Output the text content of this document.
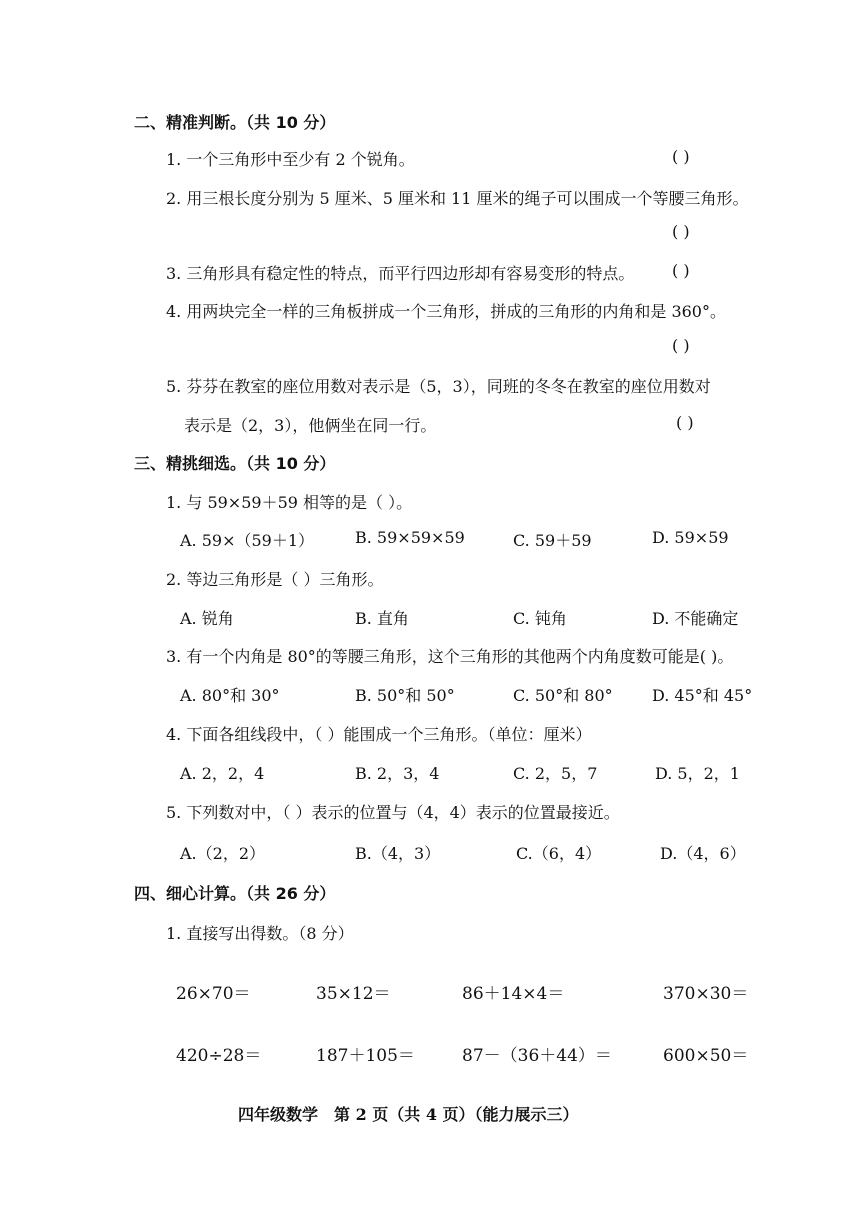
二、精准判断。（共 10 分）
1. 一个三角形中至少有 2 个锐角。	( )
2. 用三根长度分别为 5 厘米、5 厘米和 11 厘米的绳子可以围成一个等腰三角形。
( )
3. 三角形具有稳定性的特点，而平行四边形却有容易变形的特点。 ( )
4. 用两块完全一样的三角板拼成一个三角形，拼成的三角形的内角和是 360°。
( )
5. 芬芬在教室的座位用数对表示是（5，3），同班的冬冬在教室的座位用数对
表示是（2，3），他俩坐在同一行。	( )
三、精挑细选。（共 10 分）
1. 与 59×59＋59 相等的是（ ）。
A. 59×（59＋1）	B. 59×59×59	C. 59＋59	D. 59×59
2. 等边三角形是（ ）三角形。
A. 锐角	B. 直角	C. 钝角	D. 不能确定
3. 有一个内角是 80°的等腰三角形，这个三角形的其他两个内角度数可能是( )。
A. 80°和 30°	B. 50°和 50°	C. 50°和 80° D. 45°和 45°
4. 下面各组线段中，（ ）能围成一个三角形。（单位：厘米）
A. 2，2，4	B. 2，3，4	C. 2，5，7	D. 5，2，1
5. 下列数对中，（ ）表示的位置与（4，4）表示的位置最接近。
A.（2，2）	B.（4，3）	C.（6，4）	D.（4，6）
四、细心计算。（共 26 分）
1. 直接写出得数。（8 分）
26×70＝	35×12＝	86＋14×4＝	370×30＝
420÷28＝	187＋105＝	87－（36＋44）＝	600×50＝
四年级数学　第 2 页（共 4 页）（能力展示三）
